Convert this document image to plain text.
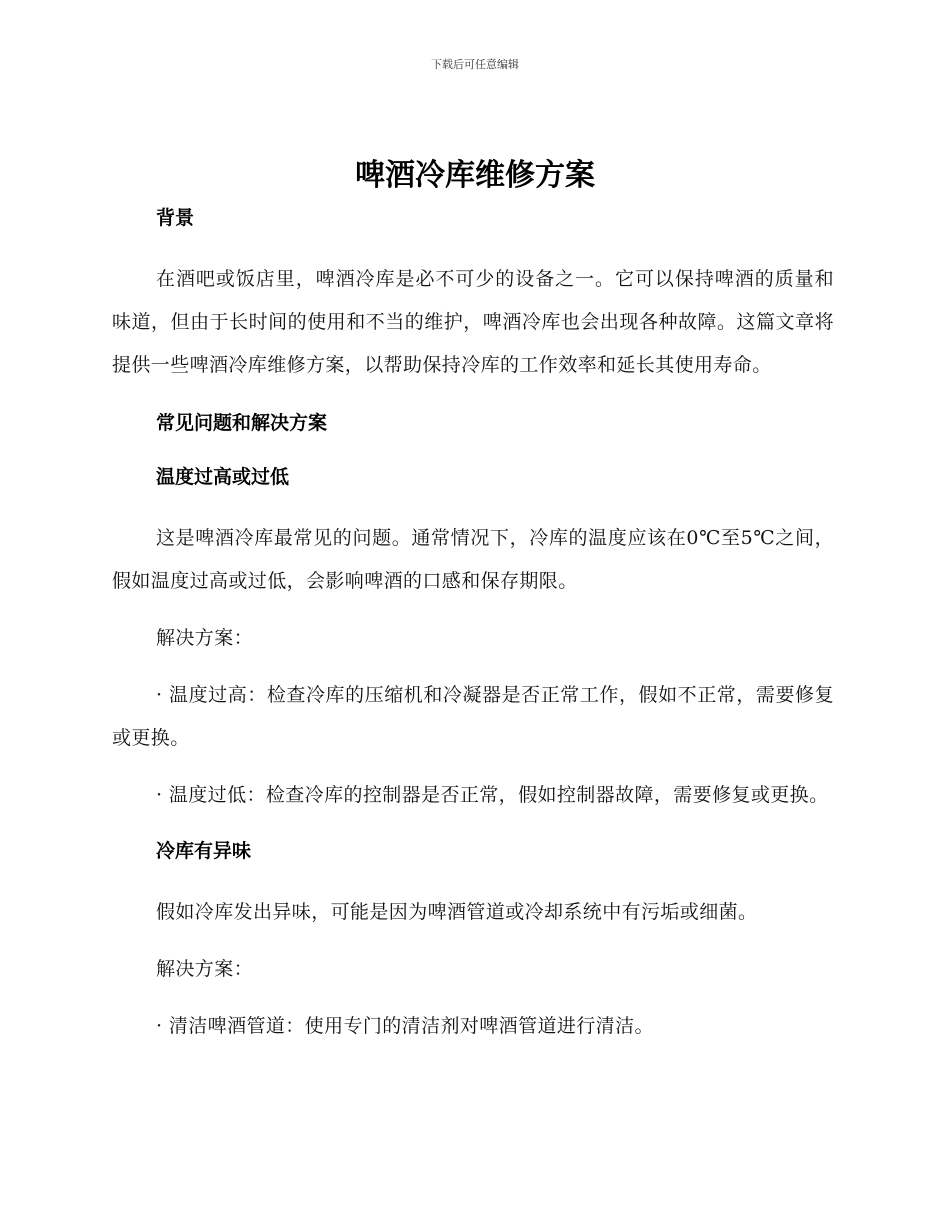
下载后可任意编辑
啤酒冷库维修方案

背景

在酒吧或饭店里，啤酒冷库是必不可少的设备之一。它可以保持啤酒的质量和味道，但由于长时间的使用和不当的维护，啤酒冷库也会出现各种故障。这篇文章将提供一些啤酒冷库维修方案，以帮助保持冷库的工作效率和延长其使用寿命。

常见问题和解决方案

温度过高或过低

这是啤酒冷库最常见的问题。通常情况下，冷库的温度应该在0℃至5℃之间，假如温度过高或过低，会影响啤酒的口感和保存期限。

解决方案：

· 温度过高：检查冷库的压缩机和冷凝器是否正常工作，假如不正常，需要修复或更换。

· 温度过低：检查冷库的控制器是否正常，假如控制器故障，需要修复或更换。

冷库有异味

假如冷库发出异味，可能是因为啤酒管道或冷却系统中有污垢或细菌。

解决方案：

· 清洁啤酒管道：使用专门的清洁剂对啤酒管道进行清洁。
